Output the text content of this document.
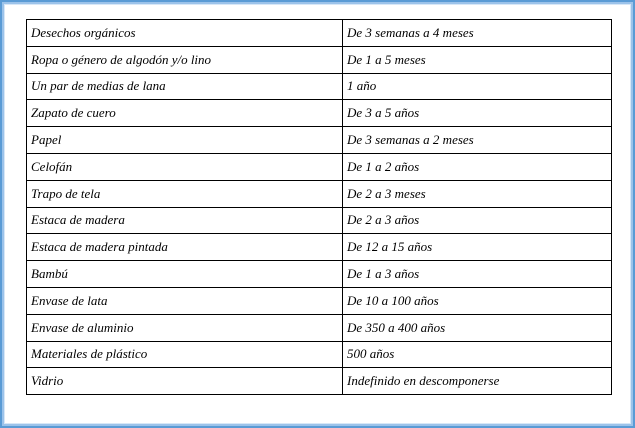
Desechos orgánicos	De 3 semanas a 4 meses
Ropa o género de algodón y/o lino	De 1 a 5 meses
Un par de medias de lana	1 año
Zapato de cuero	De 3 a 5 años
Papel	De 3 semanas a 2 meses
Celofán	De 1 a 2 años
Trapo de tela	De 2 a 3 meses
Estaca de madera	De 2 a 3 años
Estaca de madera pintada	De 12 a 15 años
Bambú	De 1 a 3 años
Envase de lata	De 10 a 100 años
Envase de aluminio	De 350 a 400 años
Materiales de plástico	500 años
Vidrio	Indefinido en descomponerse
